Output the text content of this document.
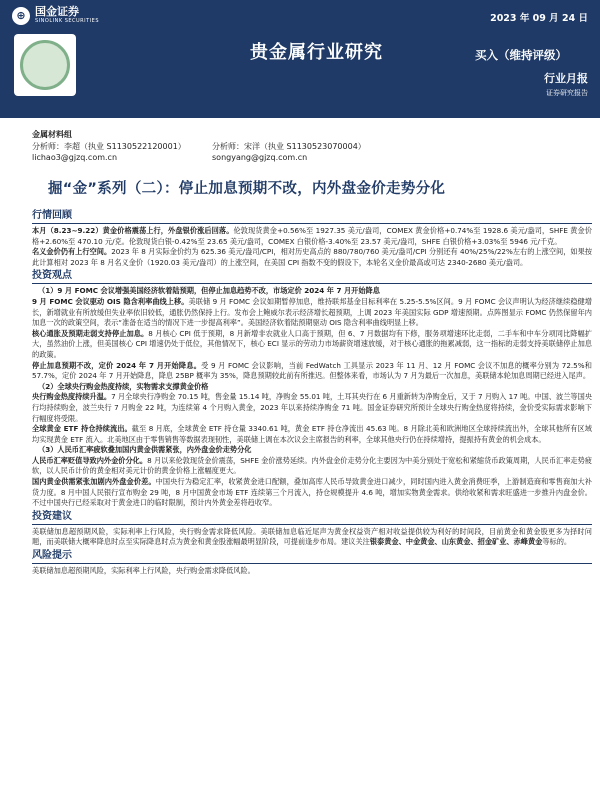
⊕ 国金证券
SINOLINK SECURITIES	2023 年 09 月 24 日
贵金属行业研究	买入（维持评级）
行业月报
证券研究报告
金属材料组
分析师：李超（执业 S1130522120001）
lichao3@gjzq.com.cn
分析师：宋洋（执业 S1130523070004）
songyang@gjzq.com.cn
掘“金”系列（二）：停止加息预期不改，内外盘金价走势分化
行情回顾

本月（8.23~9.22）黄金价格震荡上行，外盘银价涨后回落。伦敦现货黄金+0.56%至 1927.35 美元/盎司，COMEX 黄金价格+0.74%至 1928.6 美元/盎司，SHFE 黄金价格+2.60%至 470.10 元/克。伦敦现货白银-0.42%至 23.65 美元/盎司，COMEX 白银价格-3.40%至 23.57 美元/盎司，SHFE 白银价格+3.03%至 5946 元/千克。

名义金价仍有上行空间。2023 年 8 月实际金价约为 625.36 美元/盎司/CPI，相对历史高点的 880/780/760 美元/盎司/CPI 分别还有 40%/25%/22%左右的上涨空间，如果按此计算相对 2023 年 8 月名义金价（1920.03 美元/盎司）的上涨空间，在美国 CPI 指数不变的假设下，本轮名义金价最高或可达 2340-2680 美元/盎司。

投资观点

（1）9 月 FOMC 会议增强美国经济软着陆预期，但停止加息趋势不改，市场定价 2024 年 7 月开始降息

9 月 FOMC 会议驱动 OIS 隐含利率曲线上移。美联储 9 月 FOMC 会议如期暂停加息，维持联邦基金目标利率在 5.25-5.5%区间。9 月 FOMC 会议声明认为经济继续稳健增长，新增就业有所放缓但失业率依旧较低，通胀仍然保持上行。发布会上鲍威尔表示经济增长超预期，上调 2023 年美国实际 GDP 增速预期。点阵图显示 FOMC 仍然保留年内加息一次的政策空间，表示“准备在适当的情况下进一步提高利率”。美国经济软着陆预期驱动 OIS 隐含利率曲线明显上移。

核心通胀及预期走弱支持停止加息。8 月核心 CPI 低于预期，8 月新增非农就业人口高于预期，但 6、7 月数据均有下修，服务项增速环比走弱，二手车和中车分项同比降幅扩大，虽然油价上涨，但美国核心 CPI 增速仍处于低位，其他情况下，核心 ECI 显示的劳动力市场薪资增速放缓，对于核心通胀的拖累减弱，这一指标的走弱支持美联储停止加息的政策。

停止加息预期不改，定价 2024 年 7 月开始降息。受 9 月 FOMC 会议影响，当前 FedWatch 工具显示 2023 年 11 月、12 月 FOMC 会议不加息的概率分别为 72.5%和 57.7%，定价 2024 年 7 月开始降息，降息 25BP 概率为 35%，降息预期较此前有所推迟。但整体来看，市场认为 7 月为最后一次加息，美联储本轮加息周期已经进入尾声。

（2）全球央行购金热度持续，实物需求支撑黄金价格

央行购金热度持续升温。7 月全球央行净购金 70.15 吨，售金量 15.14 吨，净购金 55.01 吨，土耳其央行在 6 月重新转为净购金后，又于 7 月购入 17 吨。中国、波兰等国央行均持续购金，波兰央行 7 月购金 22 吨，为连续第 4 个月购入黄金，2023 年以来持续净购金 71 吨。国金证券研究所预计全球央行购金热度将持续，金价受实际需求影响下行幅度将受限。

全球黄金 ETF 持仓持续流出。截至 8 月底，全球黄金 ETF 持仓量 3340.61 吨，黄金 ETF 持仓净流出 45.63 吨。8 月除北美和欧洲地区全球持续流出外，全球其他所有区域均实现黄金 ETF 流入。北美地区由于零售销售等数据表现韧性，美联储上调在本次议会主席报告的利率，全球其他央行仍在持续增持，提振持有黄金的机会成本。

（3）人民币汇率疲软叠加国内黄金供需紧张，内外盘金价走势分化

人民币汇率贬值导致内外金价分化。8 月以来伦敦现货金价震荡，SHFE 金价涨势延续。内外盘金价走势分化主要因为中美分别处于宽松和紧缩货币政策周期，人民币汇率走势疲软，以人民币计价的黄金相对美元计价的黄金价格上涨幅度更大。

国内黄金供需紧张加剧内外盘金价差。中国央行为稳定汇率，收紧黄金进口配额，叠加高库人民币导致黄金进口减少，同时国内进入黄金消费旺季，上游制造商和零售商加大补货力度。8 月中国人民银行宣布购金 29 吨，8 月中国黄金市场 ETF 连续第三个月流入，持仓规模提升 4.6 吨，增加实物黄金需求。供给收紧和需求旺盛进一步推升内盘金价。不过中国央行已经采取对于黄金进口的临时限制，预计内外黄金差将趋收窄。

投资建议

美联储加息超预期风险，实际利率上行风险，央行购金需求降低风险。美联储加息临近尾声为黄金权益资产相对收益提供较为利好的时间段，目前黄金和黄金股更多为择时问题，而美联储大概率降息时点至实际降息时点为黄金和黄金股涨幅最明显阶段，可提前逢步布局。建议关注银泰黄金、中金黄金、山东黄金、招金矿业、赤峰黄金等标的。

风险提示

美联储加息超预期风险，实际利率上行风险，央行购金需求降低风险。
